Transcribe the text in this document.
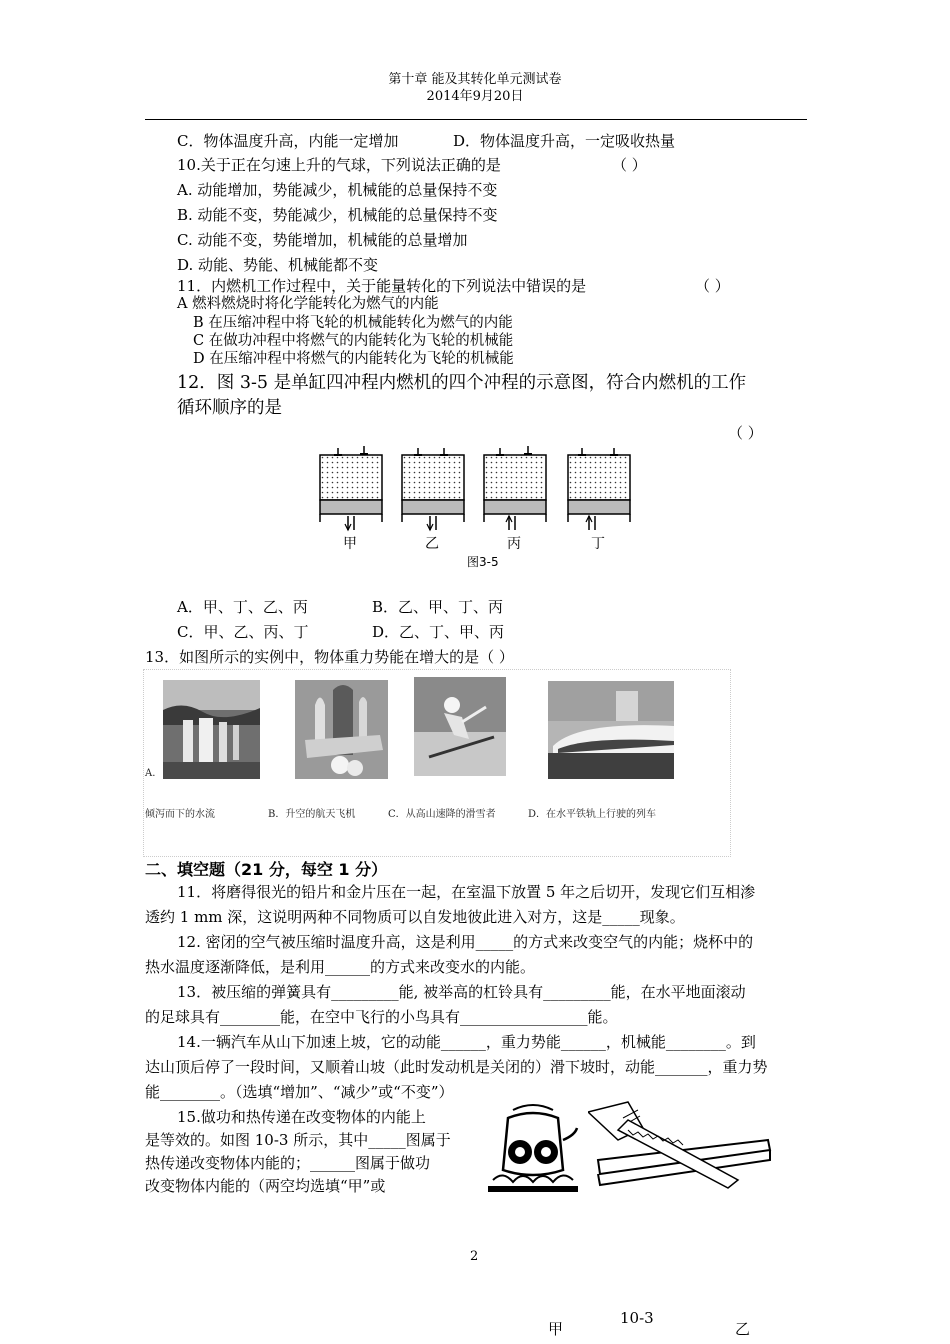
第十章 能及其转化单元测试卷
2014年9月20日
C．物体温度升高，内能一定增加	D．物体温度升高，一定吸收热量
10.关于正在匀速上升的气球，下列说法正确的是	（ ）
A. 动能增加，势能减少，机械能的总量保持不变
B. 动能不变，势能减少，机械能的总量保持不变
C. 动能不变，势能增加，机械能的总量增加
D. 动能、势能、机械能都不变
11．内燃机工作过程中，关于能量转化的下列说法中错误的是	（ ）
A 燃料燃烧时将化学能转化为燃气的内能
B 在压缩冲程中将飞轮的机械能转化为燃气的内能
C 在做功冲程中将燃气的内能转化为飞轮的机械能
D 在压缩冲程中将燃气的内能转化为飞轮的机械能
12．图 3-5 是单缸四冲程内燃机的四个冲程的示意图，符合内燃机的工作
循环顺序的是
（ ）
甲	乙	丙	丁
图3-5
A．甲、丁、乙、丙	B．乙、甲、丁、丙
C．甲、乙、丙、丁	D．乙、丁、甲、丙
13．如图所示的实例中，物体重力势能在增大的是（ ）
A.
倾泻而下的水流	B．升空的航天飞机	C．从高山速降的滑雪者	D．在水平铁轨上行驶的列车
二、填空题（21 分，每空 1 分）
11．将磨得很光的铅片和金片压在一起，在室温下放置 5 年之后切开，发现它们互相渗
透约 1 mm 深，这说明两种不同物质可以自发地彼此进入对方，这是_____现象。
12. 密闭的空气被压缩时温度升高，这是利用_____的方式来改变空气的内能；烧杯中的
热水温度逐渐降低，是利用______的方式来改变水的内能。
13．被压缩的弹簧具有_________能, 被举高的杠铃具有_________能，在水平地面滚动
的足球具有________能，在空中飞行的小鸟具有_________________能。
14.一辆汽车从山下加速上坡，它的动能______，重力势能______，机械能________。到
达山顶后停了一段时间，又顺着山坡（此时发动机是关闭的）滑下坡时，动能_______，重力势
能________。（选填“增加”、“减少”或“不变”）
15.做功和热传递在改变物体的内能上
是等效的。如图 10-3 所示，其中_____图属于
热传递改变物体内能的；______图属于做功
改变物体内能的（两空均选填“甲”或
2
10-3
甲	乙
